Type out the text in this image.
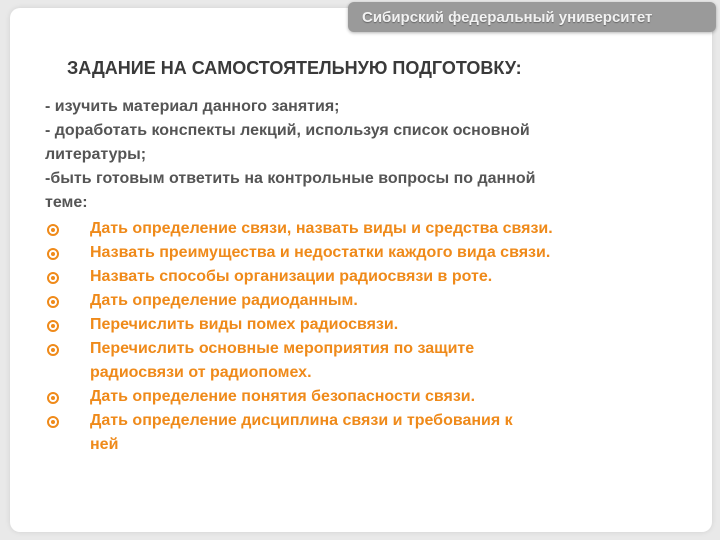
Сибирский федеральный университет
ЗАДАНИЕ НА САМОСТОЯТЕЛЬНУЮ ПОДГОТОВКУ:
- изучить материал данного занятия;
- доработать конспекты лекций, используя список основной
литературы;
-быть готовым ответить на контрольные вопросы по данной
теме:
Дать определение связи, назвать виды и средства связи.
Назвать преимущества и недостатки каждого вида связи.
Назвать способы организации радиосвязи в роте.
Дать определение радиоданным.
Перечислить виды помех радиосвязи.
Перечислить основные мероприятия по защите
радиосвязи от радиопомех.
Дать определение понятия безопасности связи.
Дать определение дисциплина связи и требования к
ней
